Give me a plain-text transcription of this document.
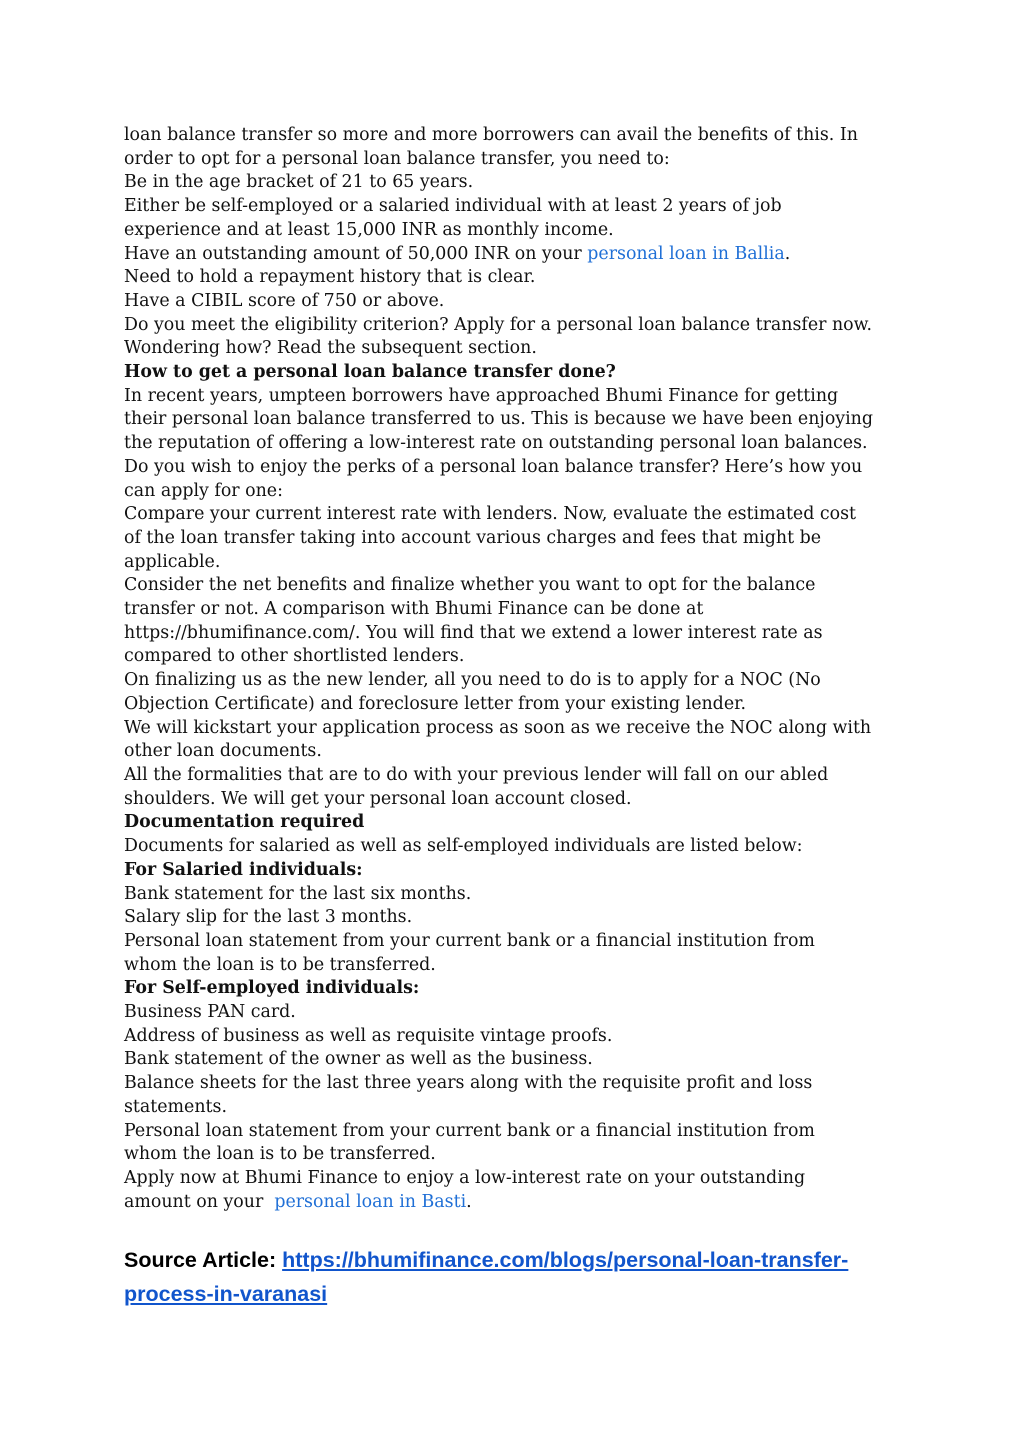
loan balance transfer so more and more borrowers can avail the benefits of this. In

order to opt for a personal loan balance transfer, you need to:

Be in the age bracket of 21 to 65 years.

Either be self-employed or a salaried individual with at least 2 years of job

experience and at least 15,000 INR as monthly income.

Have an outstanding amount of 50,000 INR on your personal loan in Ballia.

Need to hold a repayment history that is clear.

Have a CIBIL score of 750 or above.

Do you meet the eligibility criterion? Apply for a personal loan balance transfer now.

Wondering how? Read the subsequent section.

How to get a personal loan balance transfer done?

In recent years, umpteen borrowers have approached Bhumi Finance for getting

their personal loan balance transferred to us. This is because we have been enjoying

the reputation of offering a low-interest rate on outstanding personal loan balances.

Do you wish to enjoy the perks of a personal loan balance transfer? Here’s how you

can apply for one:

Compare your current interest rate with lenders. Now, evaluate the estimated cost

of the loan transfer taking into account various charges and fees that might be

applicable.

Consider the net benefits and finalize whether you want to opt for the balance

transfer or not. A comparison with Bhumi Finance can be done at

https://bhumifinance.com/. You will find that we extend a lower interest rate as

compared to other shortlisted lenders.

On finalizing us as the new lender, all you need to do is to apply for a NOC (No

Objection Certificate) and foreclosure letter from your existing lender.

We will kickstart your application process as soon as we receive the NOC along with

other loan documents.

All the formalities that are to do with your previous lender will fall on our abled

shoulders. We will get your personal loan account closed.

Documentation required

Documents for salaried as well as self-employed individuals are listed below:

For Salaried individuals:

Bank statement for the last six months.

Salary slip for the last 3 months.

Personal loan statement from your current bank or a financial institution from

whom the loan is to be transferred.

For Self-employed individuals:

Business PAN card.

Address of business as well as requisite vintage proofs.

Bank statement of the owner as well as the business.

Balance sheets for the last three years along with the requisite profit and loss

statements.

Personal loan statement from your current bank or a financial institution from

whom the loan is to be transferred.

Apply now at Bhumi Finance to enjoy a low-interest rate on your outstanding

amount on your  personal loan in Basti.

Source Article: https://bhumifinance.com/blogs/personal-loan-transfer-
process-in-varanasi
